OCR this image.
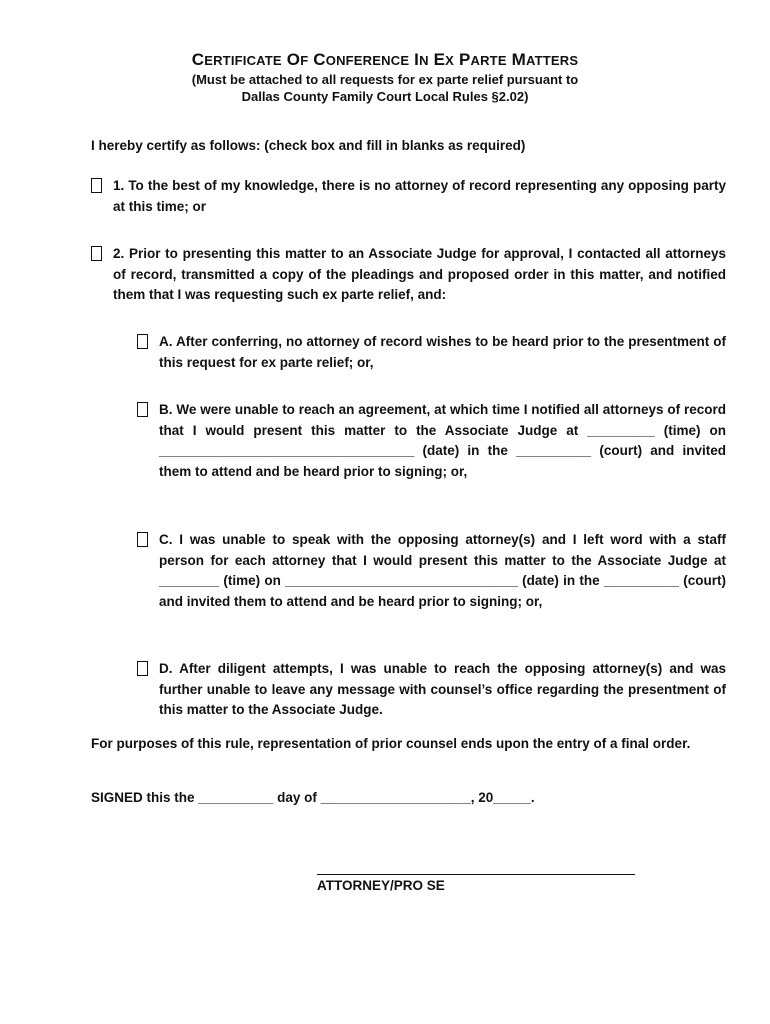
CERTIFICATE OF CONFERENCE IN EX PARTE MATTERS
(Must be attached to all requests for ex parte relief pursuant to
Dallas County Family Court Local Rules §2.02)
I hereby certify as follows: (check box and fill in blanks as required)
1. To the best of my knowledge, there is no attorney of record representing any opposing party at this time; or
2. Prior to presenting this matter to an Associate Judge for approval, I contacted all attorneys of record, transmitted a copy of the pleadings and proposed order in this matter, and notified them that I was requesting such ex parte relief, and:
A. After conferring, no attorney of record wishes to be heard prior to the presentment of this request for ex parte relief; or,
B. We were unable to reach an agreement, at which time I notified all attorneys of record that I would present this matter to the Associate Judge at _________ (time) on __________________________________ (date) in the __________ (court) and invited them to attend and be heard prior to signing; or,
C. I was unable to speak with the opposing attorney(s) and I left word with a staff person for each attorney that I would present this matter to the Associate Judge at ________ (time) on _______________________________ (date) in the __________ (court) and invited them to attend and be heard prior to signing; or,
D. After diligent attempts, I was unable to reach the opposing attorney(s) and was further unable to leave any message with counsel’s office regarding the presentment of this matter to the Associate Judge.
For purposes of this rule, representation of prior counsel ends upon the entry of a final order.
SIGNED this the __________ day of ____________________, 20_____.
ATTORNEY/PRO SE
